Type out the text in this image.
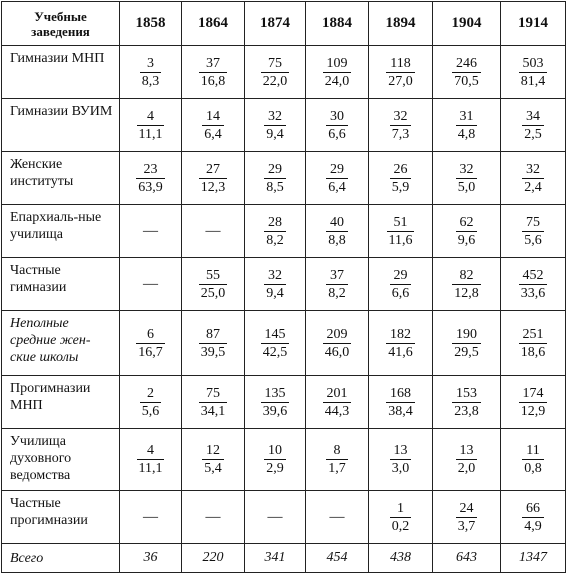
Учебные заведения	1858	1864	1874	1884	1894	1904	1914
Гимназии МНП	$\frac{3}{8,3}$	$\frac{37}{16,8}$	$\frac{75}{22,0}$	$\frac{109}{24,0}$	$\frac{118}{27,0}$	$\frac{246}{70,5}$	$\frac{503}{81,4}$

Гимназии ВУИМ	$\frac{4}{11,1}$	$\frac{14}{6,4}$	$\frac{32}{9,4}$	$\frac{30}{6,6}$	$\frac{32}{7,3}$	$\frac{31}{4,8}$	$\frac{34}{2,5}$

Женские институты	$\frac{23}{63,9}$	$\frac{27}{12,3}$	$\frac{29}{8,5}$	$\frac{29}{6,4}$	$\frac{26}{5,9}$	$\frac{32}{5,0}$	$\frac{32}{2,4}$

Епархиаль-ные училища	—	—	$\frac{28}{8,2}$	$\frac{40}{8,8}$	$\frac{51}{11,6}$	$\frac{62}{9,6}$	$\frac{75}{5,6}$

Частные гимназии	—	$\frac{55}{25,0}$	$\frac{32}{9,4}$	$\frac{37}{8,2}$	$\frac{29}{6,6}$	$\frac{82}{12,8}$	$\frac{452}{33,6}$

Неполные средние жен-ские школы	$\frac{6}{16,7}$	$\frac{87}{39,5}$	$\frac{145}{42,5}$	$\frac{209}{46,0}$	$\frac{182}{41,6}$	$\frac{190}{29,5}$	$\frac{251}{18,6}$

Прогимназии МНП	$\frac{2}{5,6}$	$\frac{75}{34,1}$	$\frac{135}{39,6}$	$\frac{201}{44,3}$	$\frac{168}{38,4}$	$\frac{153}{23,8}$	$\frac{174}{12,9}$

Училища духовного ведомства	$\frac{4}{11,1}$	$\frac{12}{5,4}$	$\frac{10}{2,9}$	$\frac{8}{1,7}$	$\frac{13}{3,0}$	$\frac{13}{2,0}$	$\frac{11}{0,8}$

Частные прогимназии	—	—	—	—	$\frac{1}{0,2}$	$\frac{24}{3,7}$	$\frac{66}{4,9}$

Всего	36	220	341	454	438	643	1347
